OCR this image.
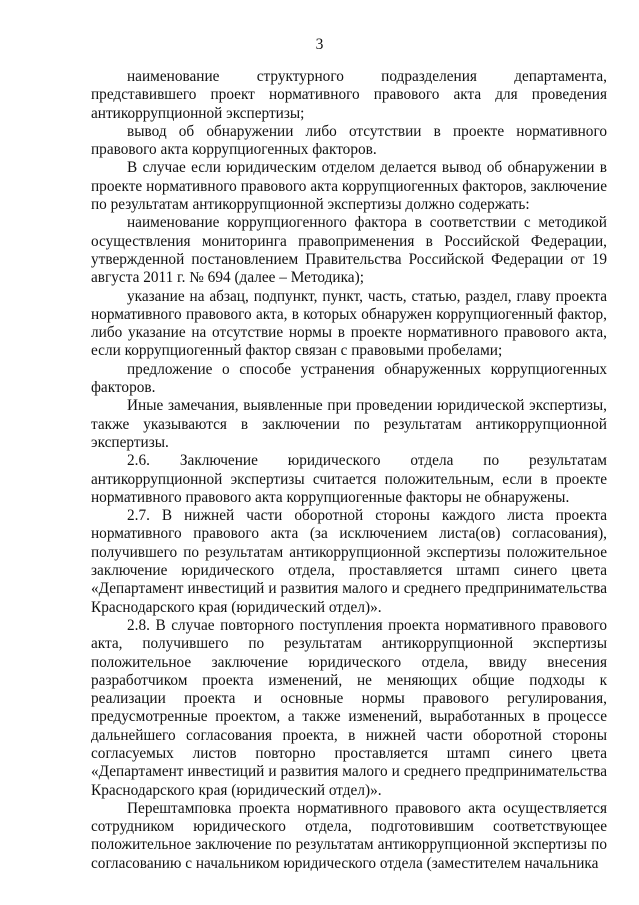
3

наименование структурного подразделения департамента, представившего проект нормативного правового акта для проведения антикоррупционной экспертизы;

вывод об обнаружении либо отсутствии в проекте нормативного правового акта коррупциогенных факторов.

В случае если юридическим отделом делается вывод об обнаружении в проекте нормативного правового акта коррупциогенных факторов, заключение по результатам антикоррупционной экспертизы должно содержать:

наименование коррупциогенного фактора в соответствии с методикой осуществления мониторинга правоприменения в Российской Федерации, утвержденной постановлением Правительства Российской Федерации от 19 августа 2011 г. № 694 (далее – Методика);

указание на абзац, подпункт, пункт, часть, статью, раздел, главу проекта нормативного правового акта, в которых обнаружен коррупциогенный фактор, либо указание на отсутствие нормы в проекте нормативного правового акта, если коррупциогенный фактор связан с правовыми пробелами;

предложение о способе устранения обнаруженных коррупциогенных факторов.

Иные замечания, выявленные при проведении юридической экспертизы, также указываются в заключении по результатам антикоррупционной экспертизы.

2.6. Заключение юридического отдела по результатам антикоррупционной экспертизы считается положительным, если в проекте нормативного правового акта коррупциогенные факторы не обнаружены.

2.7. В нижней части оборотной стороны каждого листа проекта нормативного правового акта (за исключением листа(ов) согласования), получившего по результатам антикоррупционной экспертизы положительное заключение юридического отдела, проставляется штамп синего цвета «Департамент инвестиций и развития малого и среднего предпринимательства Краснодарского края (юридический отдел)».

2.8. В случае повторного поступления проекта нормативного правового акта, получившего по результатам антикоррупционной экспертизы положительное заключение юридического отдела, ввиду внесения разработчиком проекта изменений, не меняющих общие подходы к реализации проекта и основные нормы правового регулирования, предусмотренные проектом, а также изменений, выработанных в процессе дальнейшего согласования проекта, в нижней части оборотной стороны согласуемых листов повторно проставляется штамп синего цвета «Департамент инвестиций и развития малого и среднего предпринимательства Краснодарского края (юридический отдел)».

Перештамповка проекта нормативного правового акта осуществляется сотрудником юридического отдела, подготовившим соответствующее положительное заключение по результатам антикоррупционной экспертизы по согласованию с начальником юридического отдела (заместителем начальника
